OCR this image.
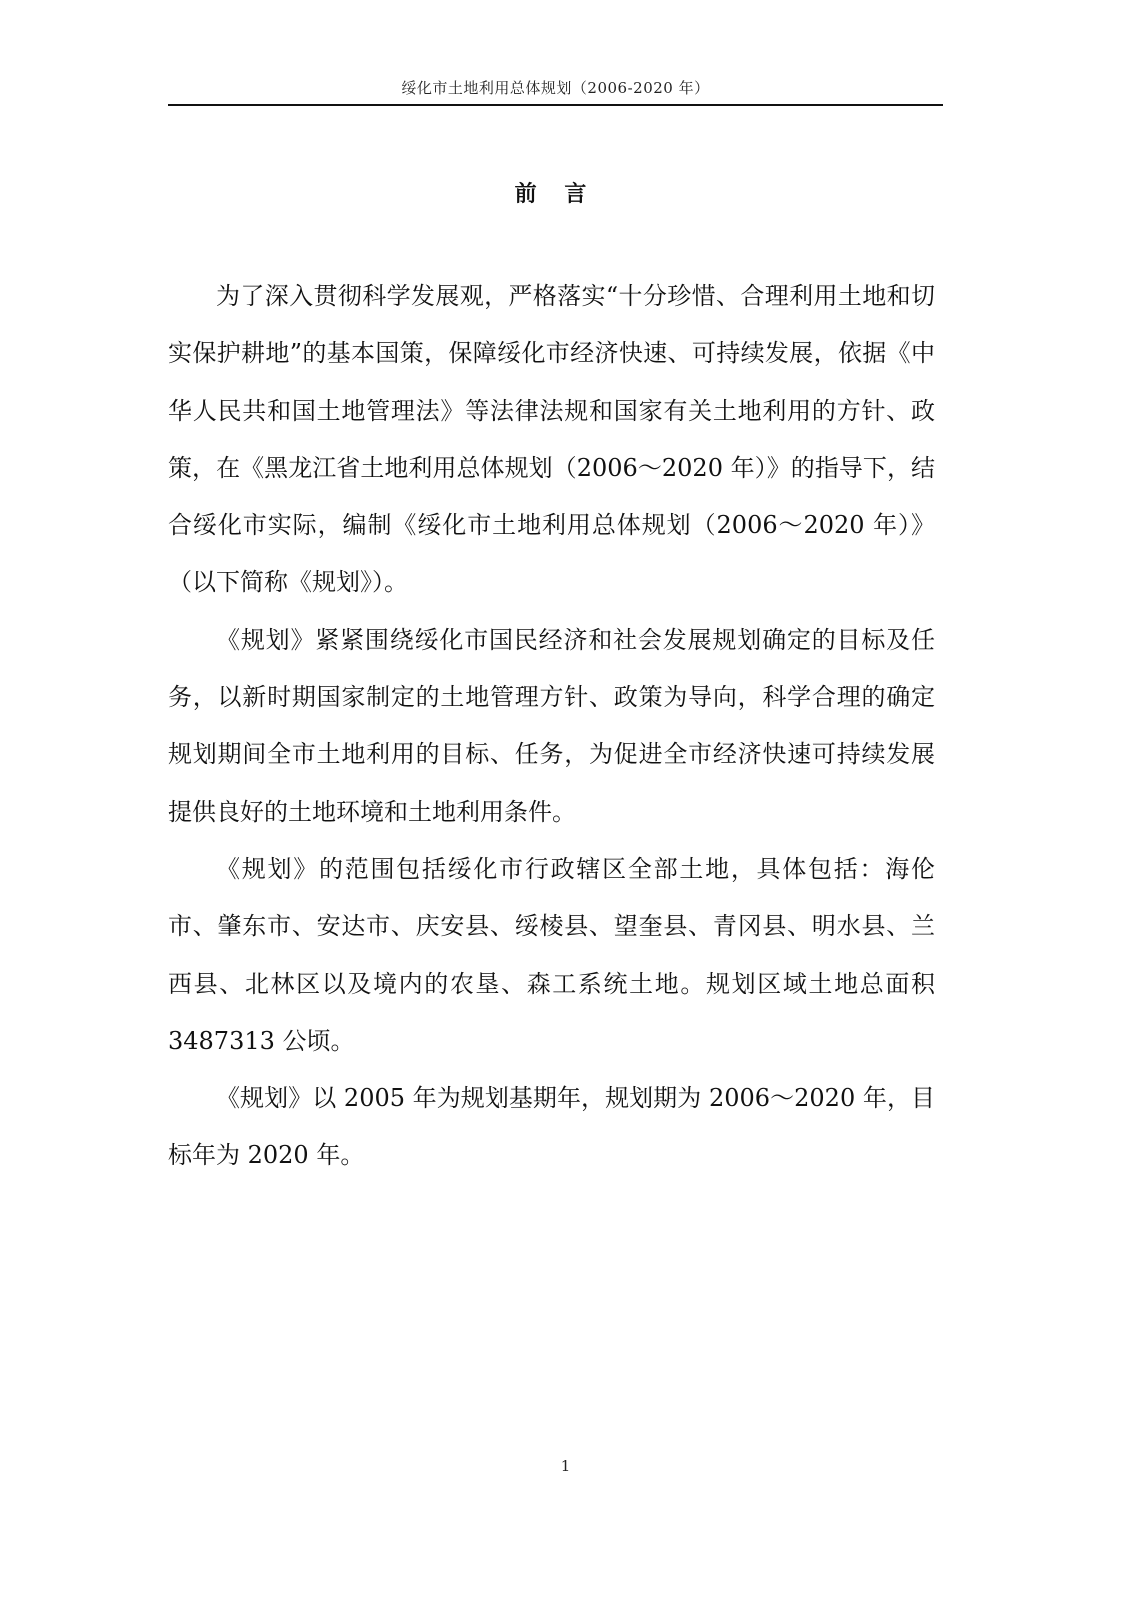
绥化市土地利用总体规划（2006-2020 年）
前 言

为了深入贯彻科学发展观，严格落实“十分珍惜、合理利用土地和切实保护耕地”的基本国策，保障绥化市经济快速、可持续发展，依据《中华人民共和国土地管理法》等法律法规和国家有关土地利用的方针、政策，在《黑龙江省土地利用总体规划（2006～2020 年）》的指导下，结合绥化市实际，编制《绥化市土地利用总体规划（2006～2020 年）》（以下简称《规划》）。

《规划》紧紧围绕绥化市国民经济和社会发展规划确定的目标及任务，以新时期国家制定的土地管理方针、政策为导向，科学合理的确定规划期间全市土地利用的目标、任务，为促进全市经济快速可持续发展提供良好的土地环境和土地利用条件。

《规划》的范围包括绥化市行政辖区全部土地，具体包括：海伦市、肇东市、安达市、庆安县、绥棱县、望奎县、青冈县、明水县、兰西县、北林区以及境内的农垦、森工系统土地。规划区域土地总面积 3487313 公顷。

《规划》以 2005 年为规划基期年，规划期为 2006～2020 年，目标年为 2020 年。

1
